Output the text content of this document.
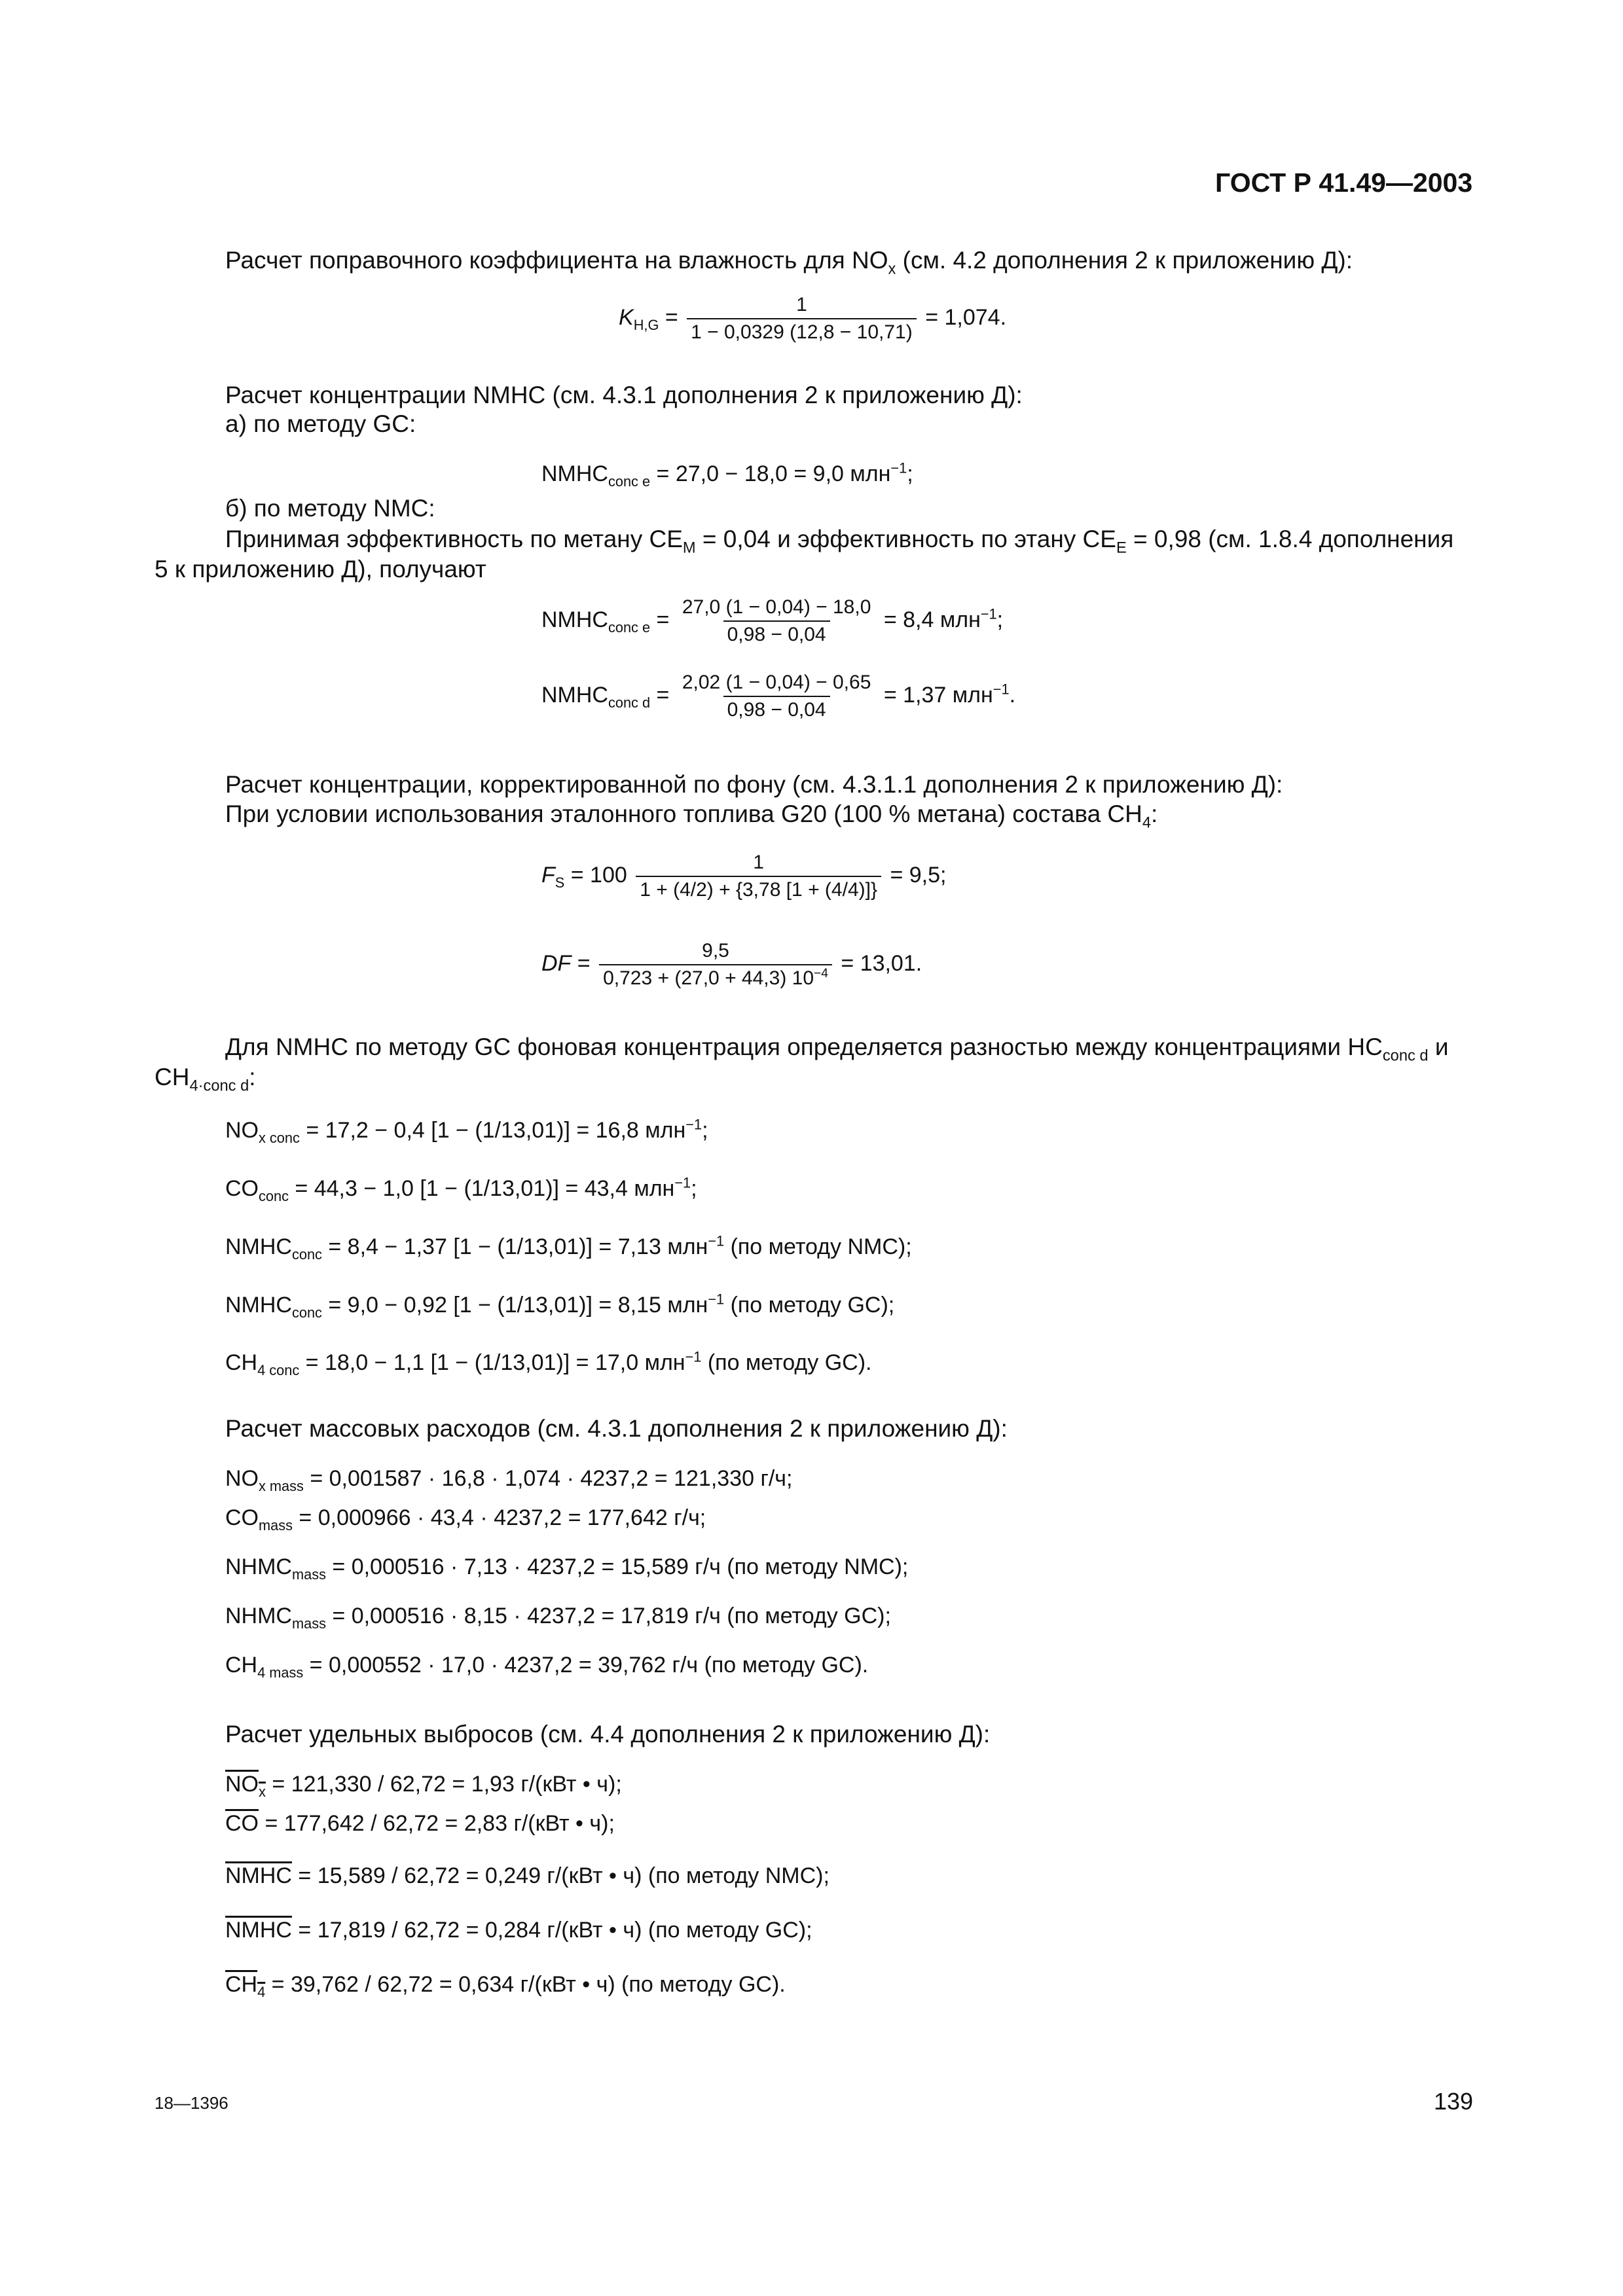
ГОСТ Р 41.49—2003
Расчет поправочного коэффициента на влажность для $NO_x$ (см. 4.2 дополнения 2 к приложению Д):
$K_{H,G} = \frac{1}{1 - 0,0329 (12,8 - 10,71)} = 1,074$.
Расчет концентрации NMHC (см. 4.3.1 дополнения 2 к приложению Д):
а) по методу GC:
$NMHC_{conc e} = 27,0 - 18,0 = 9,0$ млн$^{-1}$;
б) по методу NMC:
Принимая эффективность по метану $CE_M = 0,04$ и эффективность по этану $CE_E = 0,98$ (см. 1.8.4 дополнения
5 к приложению Д), получают
$NMHC_{conc e} = \frac{27,0 (1 - 0,04) - 18,0}{0,98 - 0,04} = 8,4$ млн$^{-1}$;
$NMHC_{conc d} = \frac{2,02 (1 - 0,04) - 0,65}{0,98 - 0,04} = 1,37$ млн$^{-1}$.
Расчет концентрации, корректированной по фону (см. 4.3.1.1 дополнения 2 к приложению Д):
При условии использования эталонного топлива G20 (100 % метана) состава $CH_4$:
$F_S = 100 \frac{1}{1 + (4/2) + \{3,78 [1 + (4/4)]\}} = 9,5$;
DF = $\frac{9,5}{0,723 + (27,0 + 44,3) 10^{-4}} = 13,01$.
Для NMHC по методу GC фоновая концентрация определяется разностью между концентрациями $HC_{conc d}$ и
$CH_{4\cdot conc d}$:
$NO_{x conc} = 17,2 - 0,4$ [1 − (1/13,01)] = 16,8 млн$^{-1}$;
$CO_{conc} = 44,3 - 1,0$ [1 − (1/13,01)] = 43,4 млн$^{-1}$;
$NMHC_{conc} = 8,4 - 1,37$ [1 − (1/13,01)] = 7,13 млн$^{-1}$ (по методу NMC);
$NMHC_{conc} = 9,0 - 0,92$ [1 − (1/13,01)] = 8,15 млн$^{-1}$ (по методу GC);
$CH_{4 conc} = 18,0 - 1,1$ [1 − (1/13,01)] = 17,0 млн$^{-1}$ (по методу GC).
Расчет массовых расходов (см. 4.3.1 дополнения 2 к приложению Д):
$NO_{x mass} = 0,001587 \cdot 16,8 \cdot 1,074 \cdot 4237,2 = 121,330$ г/ч;
$CO_{mass} = 0,000966 \cdot 43,4 \cdot 4237,2 = 177,642$ г/ч;
$NHMC_{mass} = 0,000516 \cdot 7,13 \cdot 4237,2 = 15,589$ г/ч (по методу NMC);
$NHMC_{mass} = 0,000516 \cdot 8,15 \cdot 4237,2 = 17,819$ г/ч (по методу GC);
$CH_{4 mass} = 0,000552 \cdot 17,0 \cdot 4237,2 = 39,762$ г/ч (по методу GC).
Расчет удельных выбросов (см. 4.4 дополнения 2 к приложению Д):
$NO_x = 121,330 / 62,72 = 1,93$ г/(кВт • ч);
CO = 177,642 / 62,72 = 2,83 г/(кВт • ч);
NMHC = 15,589 / 62,72 = 0,249 г/(кВт • ч) (по методу NMC);
NMHC = 17,819 / 62,72 = 0,284 г/(кВт • ч) (по методу GC);
$CH_4 = 39,762 / 62,72 = 0,634$ г/(кВт • ч) (по методу GC).
18—1396	139
